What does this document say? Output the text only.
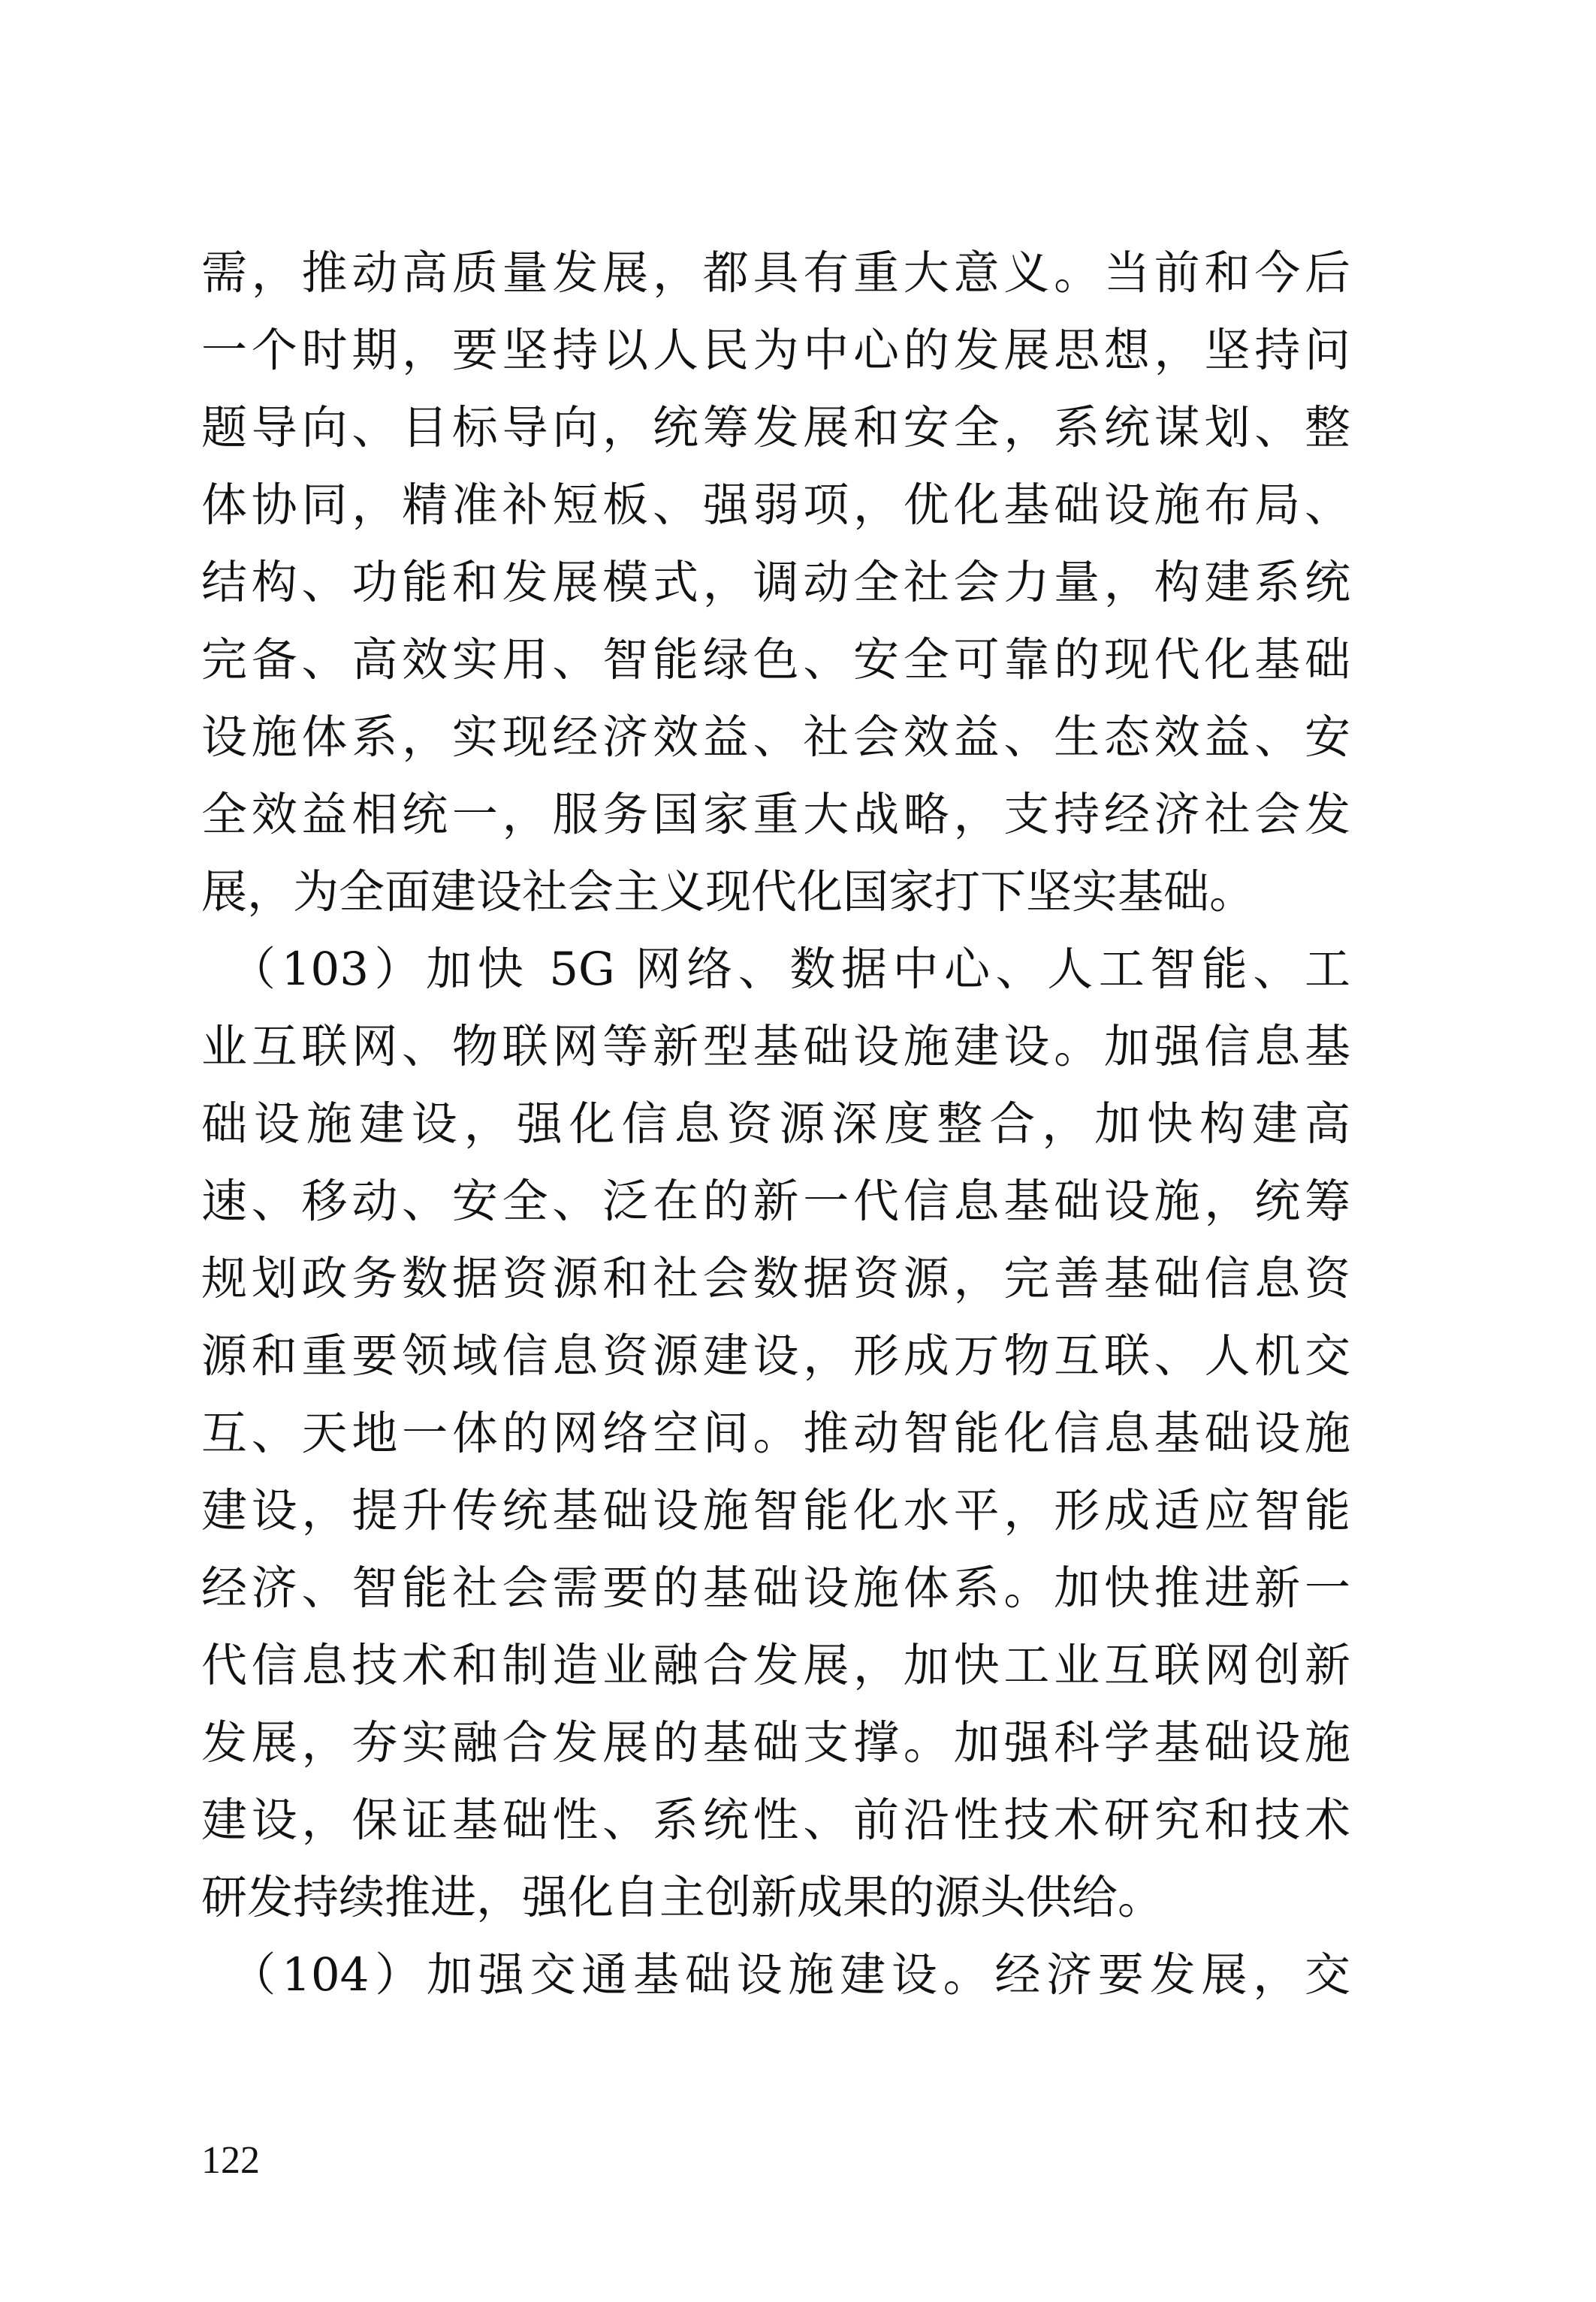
需，推动高质量发展，都具有重大意义。当前和今后
一个时期，要坚持以人民为中心的发展思想，坚持问
题导向、目标导向，统筹发展和安全，系统谋划、整
体协同，精准补短板、强弱项，优化基础设施布局、
结构、功能和发展模式，调动全社会力量，构建系统
完备、高效实用、智能绿色、安全可靠的现代化基础
设施体系，实现经济效益、社会效益、生态效益、安
全效益相统一，服务国家重大战略，支持经济社会发
展，为全面建设社会主义现代化国家打下坚实基础。
　（103）加快 5G 网络、数据中心、人工智能、工
业互联网、物联网等新型基础设施建设。加强信息基
础设施建设，强化信息资源深度整合，加快构建高
速、移动、安全、泛在的新一代信息基础设施，统筹
规划政务数据资源和社会数据资源，完善基础信息资
源和重要领域信息资源建设，形成万物互联、人机交
互、天地一体的网络空间。推动智能化信息基础设施
建设，提升传统基础设施智能化水平，形成适应智能
经济、智能社会需要的基础设施体系。加快推进新一
代信息技术和制造业融合发展，加快工业互联网创新
发展，夯实融合发展的基础支撑。加强科学基础设施
建设，保证基础性、系统性、前沿性技术研究和技术
研发持续推进，强化自主创新成果的源头供给。
　（104）加强交通基础设施建设。经济要发展，交
122
